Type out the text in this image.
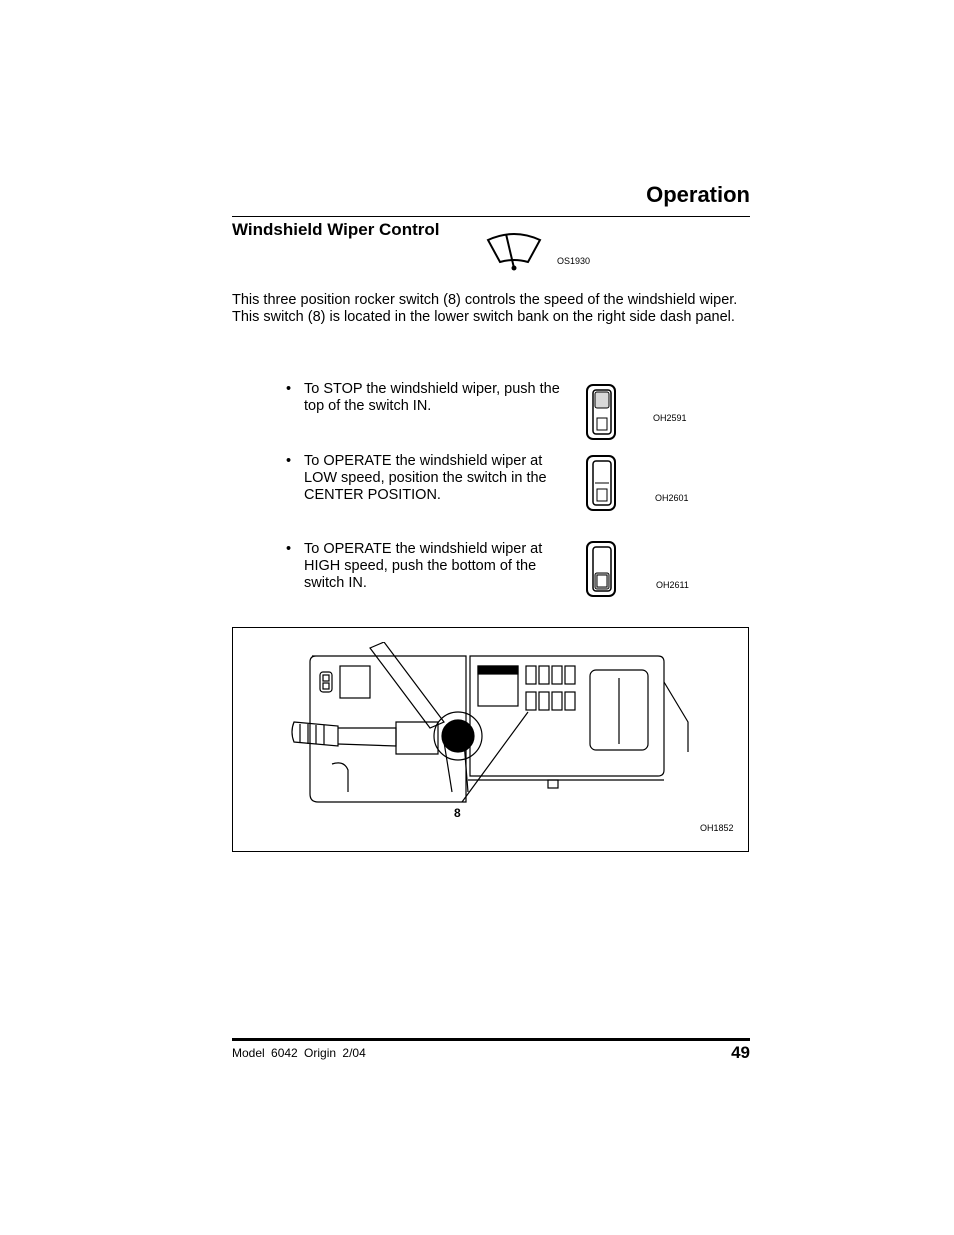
Operation
Windshield Wiper Control
OS1930
This three position rocker switch (8) controls the speed of the windshield wiper. This switch (8) is located in the lower switch bank on the right side dash panel.
• To STOP the windshield wiper, push the top of the switch IN.
OH2591
• To OPERATE the windshield wiper at LOW speed, position the switch in the CENTER POSITION.	OH2601
• To OPERATE the windshield wiper at HIGH speed, push the bottom of the switch IN.	OH2611
8
OH1852
Model 6042 Origin 2/04	49
